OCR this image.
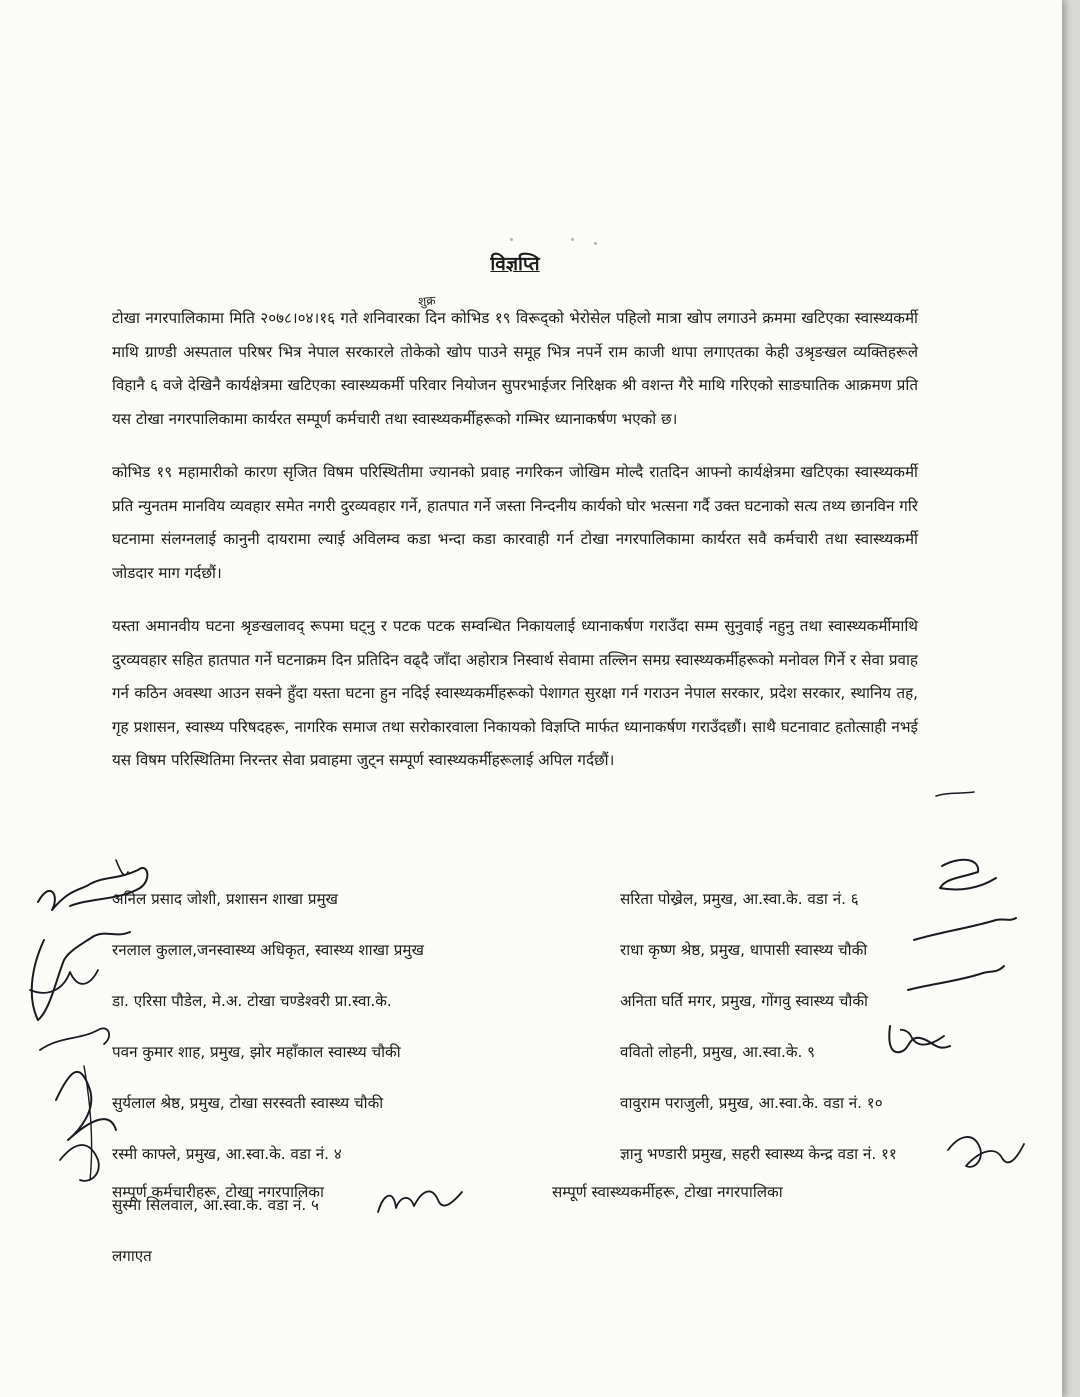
विज्ञप्ति

टोखा नगरपालिकामा मिति २०७८।०४।१६ गते शनिवारका दिन कोभिड १९ विरूद्को भेरोसेल पहिलो मात्रा खोप लगाउने क्रममा खटिएका स्वास्थ्यकर्मी माथि ग्राण्डी अस्पताल परिषर भित्र नेपाल सरकारले तोकेको खोप पाउने समूह भित्र नपर्ने राम काजी थापा लगाएतका केही उश्रृङखल व्यक्तिहरूले विहानै ६ वजे देखिनै कार्यक्षेत्रमा खटिएका स्वास्थ्यकर्मी परिवार नियोजन सुपरभाईजर निरिक्षक श्री वशन्त गैरे माथि गरिएको साङघातिक आक्रमण प्रति यस टोखा नगरपालिकामा कार्यरत सम्पूर्ण कर्मचारी तथा स्वास्थ्यकर्मीहरूको गम्भिर ध्यानाकर्षण भएको छ।

कोभिड १९ महामारीको कारण सृजित विषम परिस्थितीमा ज्यानको प्रवाह नगरिकन जोखिम मोल्दै रातदिन आफ्नो कार्यक्षेत्रमा खटिएका स्वास्थ्यकर्मी प्रति न्युनतम मानविय व्यवहार समेत नगरी दुरव्यवहार गर्ने, हातपात गर्ने जस्ता निन्दनीय कार्यको घोर भत्सना गर्दै उक्त घटनाको सत्य तथ्य छानविन गरि घटनामा संलग्नलाई कानुनी दायरामा ल्याई अविलम्व कडा भन्दा कडा कारवाही गर्न टोखा नगरपालिकामा कार्यरत सवै कर्मचारी तथा स्वास्थ्यकर्मी जोडदार माग गर्दछौं।

यस्ता अमानवीय घटना श्रृङखलावद् रूपमा घट्नु र पटक पटक सम्वन्धित निकायलाई ध्यानाकर्षण गराउँदा सम्म सुनुवाई नहुनु तथा स्वास्थ्यकर्मीमाथि दुरव्यवहार सहित हातपात गर्ने घटनाक्रम दिन प्रतिदिन वढ्दै जाँदा अहोरात्र निस्वार्थ सेवामा तल्लिन समग्र स्वास्थ्यकर्मीहरूको मनोवल गिर्ने र सेवा प्रवाह गर्न कठिन अवस्था आउन सक्ने हुँदा यस्ता घटना हुन नदिई स्वास्थ्यकर्मीहरूको पेशागत सुरक्षा गर्न गराउन नेपाल सरकार, प्रदेश सरकार, स्थानिय तह, गृह प्रशासन, स्वास्थ्य परिषदहरू, नागरिक समाज तथा सरोकारवाला निकायको विज्ञप्ति मार्फत ध्यानाकर्षण गराउँदछौं। साथै घटनावाट हतोत्साही नभई यस विषम परिस्थितिमा निरन्तर सेवा प्रवाहमा जुट्न सम्पूर्ण स्वास्थ्यकर्मीहरूलाई अपिल गर्दछौं।

शुक्र
अनिल प्रसाद जोशी, प्रशासन शाखा प्रमुख
रनलाल कुलाल,जनस्वास्थ्य अधिकृत, स्वास्थ्य शाखा प्रमुख
डा. एरिसा पौडेल, मे.अ. टोखा चण्डेश्वरी प्रा.स्वा.के.
पवन कुमार शाह, प्रमुख, झोर महाँकाल स्वास्थ्य चौकी
सुर्यलाल श्रेष्ठ, प्रमुख, टोखा सरस्वती स्वास्थ्य चौकी
रस्मी काफ्ले, प्रमुख, आ.स्वा.के. वडा नं. ४
सुस्मा सिलवाल, आ.स्वा.के. वडा नं. ५
लगाएत
सरिता पोख्रेल, प्रमुख, आ.स्वा.के. वडा नं. ६
राधा कृष्ण श्रेष्ठ, प्रमुख, धापासी स्वास्थ्य चौकी
अनिता घर्ति मगर, प्रमुख, गोंगवु स्वास्थ्य चौकी
ववितो लोहनी, प्रमुख, आ.स्वा.के. ९
वावुराम पराजुली, प्रमुख, आ.स्वा.के. वडा नं. १०
ज्ञानु भण्डारी प्रमुख, सहरी स्वास्थ्य केन्द्र वडा नं. ११
सम्पूर्ण कर्मचारीहरू, टोखा नगरपालिका	सम्पूर्ण स्वास्थ्यकर्मीहरू, टोखा नगरपालिका
